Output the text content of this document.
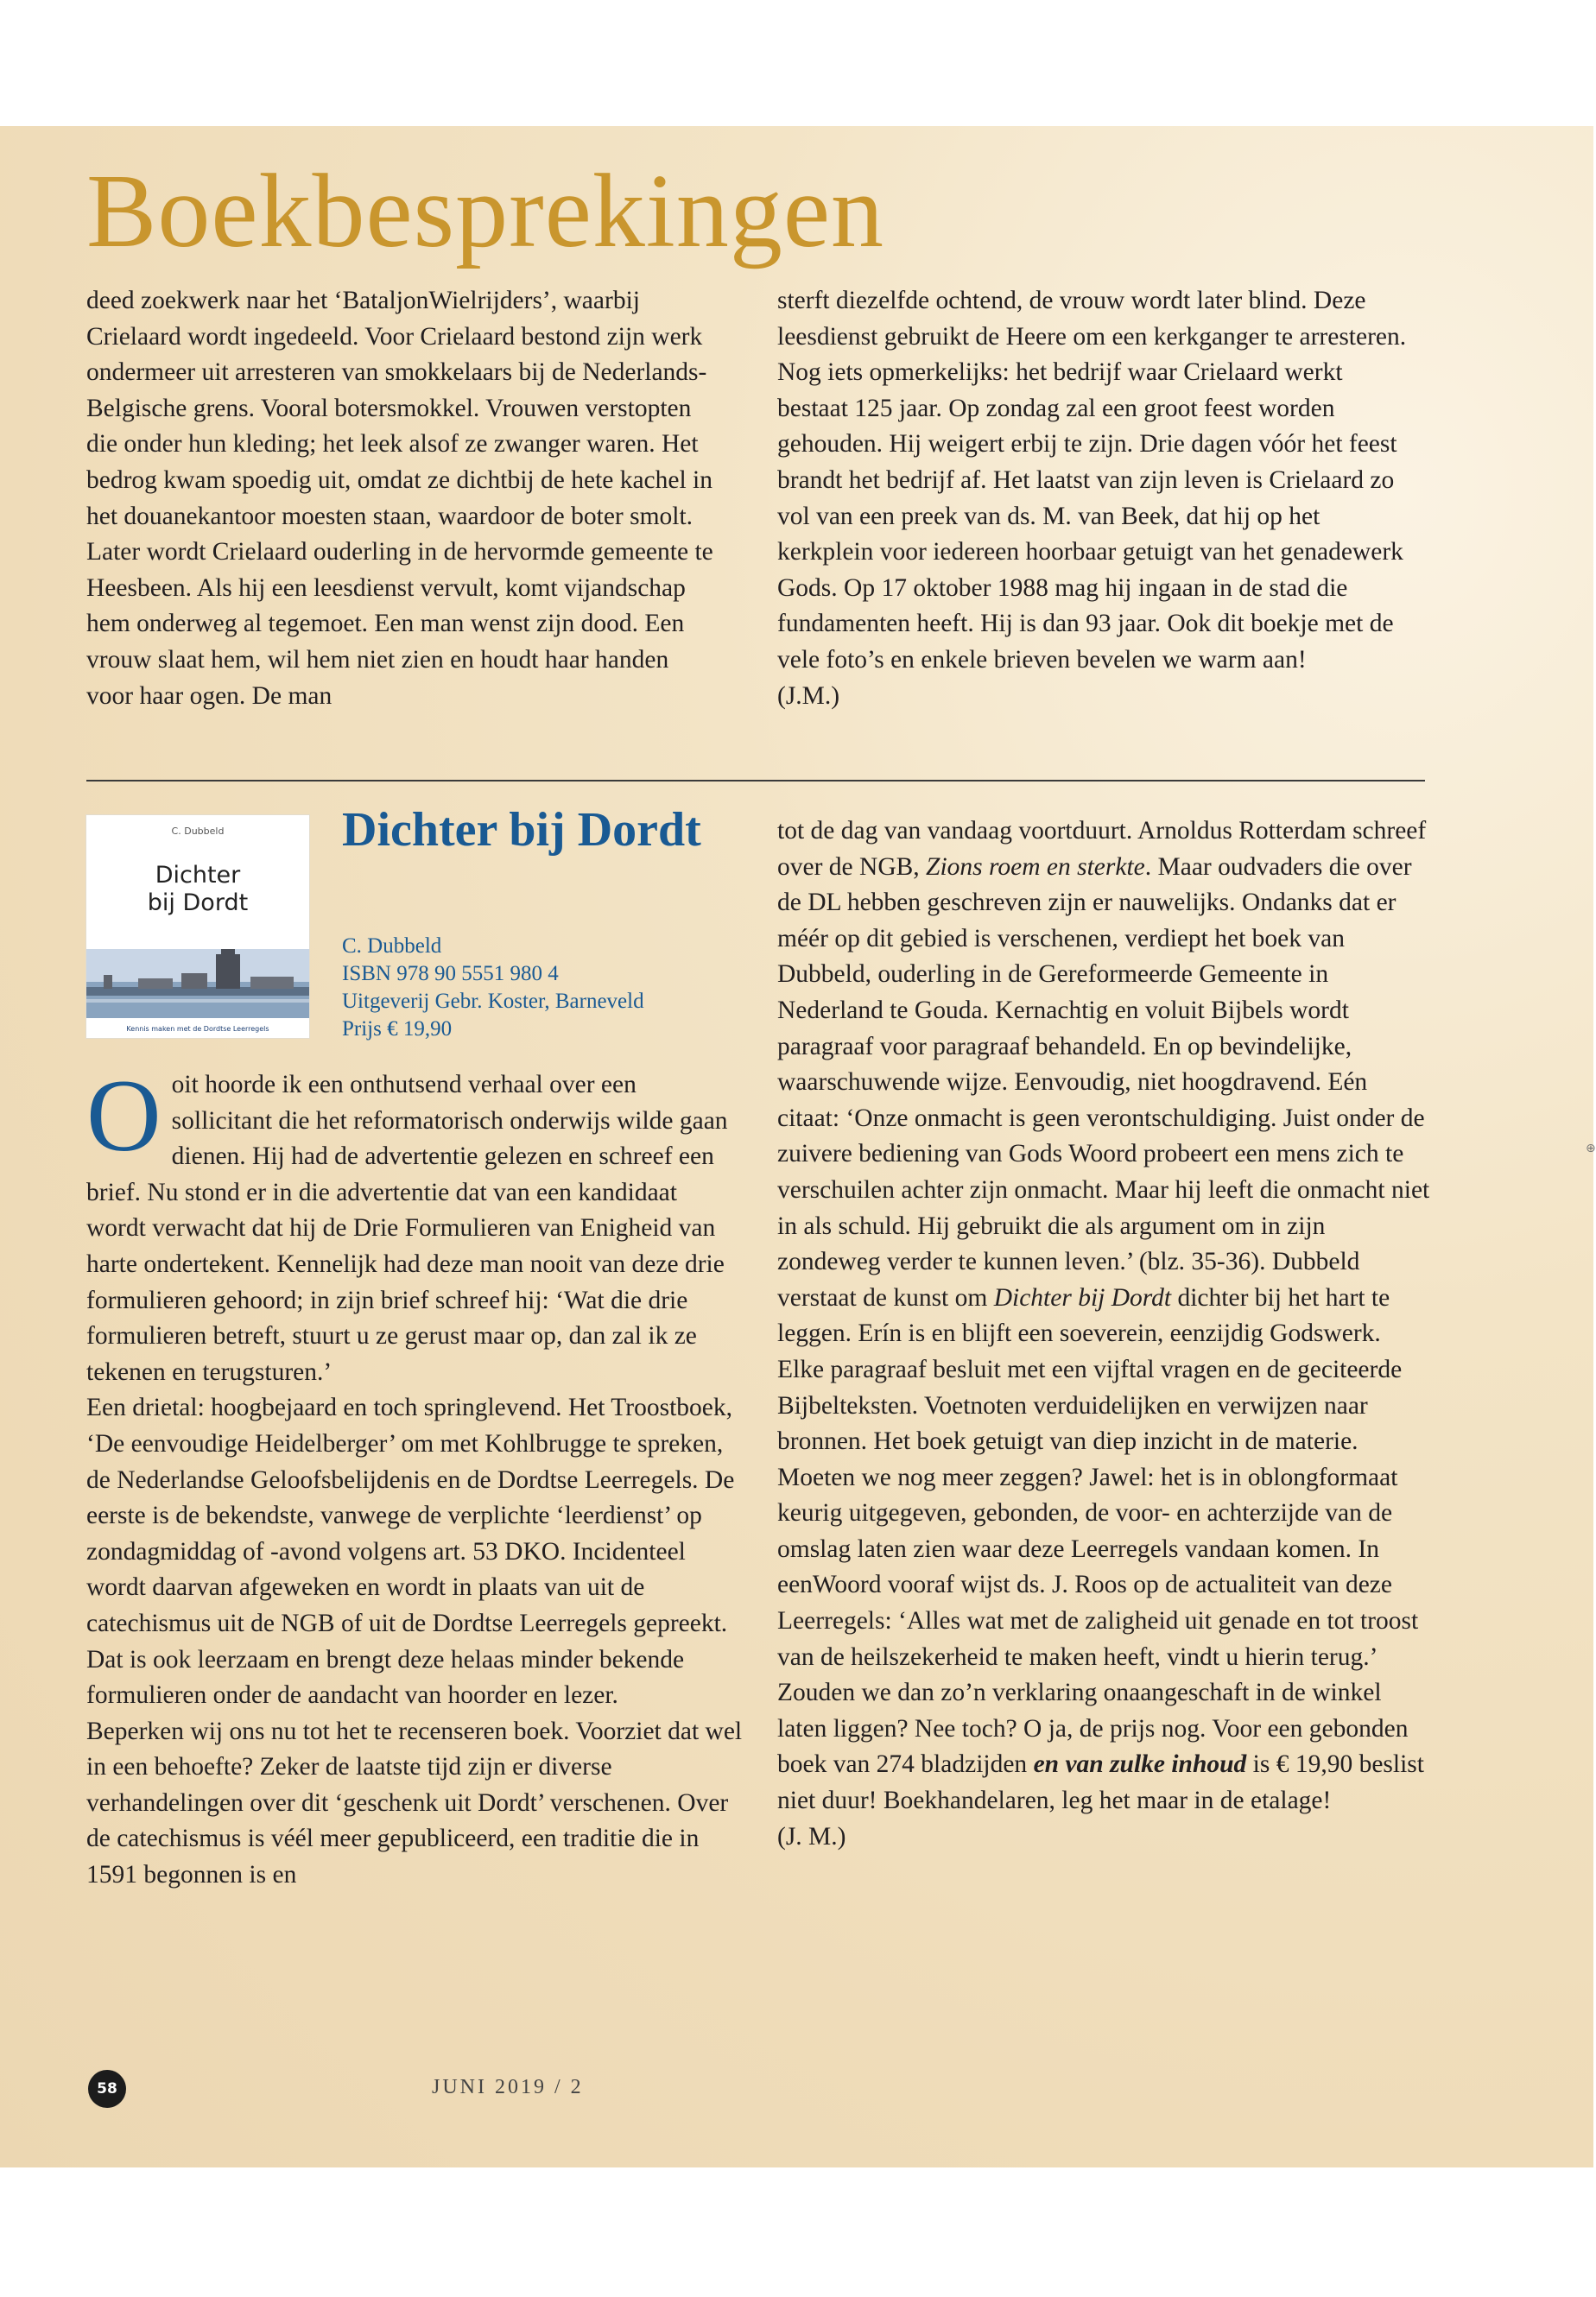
Boekbesprekingen

deed zoekwerk naar het ‘BataljonWielrijders’, waarbij Crielaard wordt ingedeeld. Voor Crielaard bestond zijn werk ondermeer uit arresteren van smokkelaars bij de Nederlands-Belgische grens. Vooral botersmokkel. Vrouwen verstopten die onder hun kleding; het leek alsof ze zwanger waren. Het bedrog kwam spoedig uit, omdat ze dichtbij de hete kachel in het douanekantoor moesten staan, waardoor de boter smolt.

Later wordt Crielaard ouderling in de hervormde gemeente te Heesbeen. Als hij een leesdienst vervult, komt vijandschap hem onderweg al tegemoet. Een man wenst zijn dood. Een vrouw slaat hem, wil hem niet zien en houdt haar handen voor haar ogen. De man

sterft diezelfde ochtend, de vrouw wordt later blind. Deze leesdienst gebruikt de Heere om een kerkganger te arresteren. Nog iets opmerkelijks: het bedrijf waar Crielaard werkt bestaat 125 jaar. Op zondag zal een groot feest worden gehouden. Hij weigert erbij te zijn. Drie dagen vóór het feest brandt het bedrijf af. Het laatst van zijn leven is Crielaard zo vol van een preek van ds. M. van Beek, dat hij op het kerkplein voor iedereen hoorbaar getuigt van het genadewerk Gods. Op 17 oktober 1988 mag hij ingaan in de stad die fundamenten heeft. Hij is dan 93 jaar. Ook dit boekje met de vele foto’s en enkele brieven bevelen we warm aan!

(J.M.)

C. Dubbeld
Dichter
bij Dordt
Kennis maken met de Dordtse Leerregels
Dichter bij Dordt
C. Dubbeld
ISBN 978 90 5551 980 4
Uitgeverij Gebr. Koster, Barneveld
Prijs € 19,90

Ooit hoorde ik een onthutsend verhaal over een sollicitant die het reformatorisch onderwijs wilde gaan dienen. Hij had de advertentie gelezen en schreef een brief. Nu stond er in die advertentie dat van een kandidaat wordt verwacht dat hij de Drie Formulieren van Enigheid van harte ondertekent. Kennelijk had deze man nooit van deze drie formulieren gehoord; in zijn brief schreef hij: ‘Wat die drie formulieren betreft, stuurt u ze gerust maar op, dan zal ik ze tekenen en terugsturen.’

Een drietal: hoogbejaard en toch springlevend. Het Troostboek, ‘De eenvoudige Heidelberger’ om met Kohlbrugge te spreken, de Nederlandse Geloofsbelijdenis en de Dordtse Leerregels. De eerste is de bekendste, vanwege de verplichte ‘leerdienst’ op zondagmiddag of -avond volgens art. 53 DKO. Incidenteel wordt daarvan afgeweken en wordt in plaats van uit de catechismus uit de NGB of uit de Dordtse Leerregels gepreekt. Dat is ook leerzaam en brengt deze helaas minder bekende formulieren onder de aandacht van hoorder en lezer.

Beperken wij ons nu tot het te recenseren boek. Voorziet dat wel in een behoefte? Zeker de laatste tijd zijn er diverse verhandelingen over dit ‘geschenk uit Dordt’ verschenen. Over de catechismus is véél meer gepubliceerd, een traditie die in 1591 begonnen is en

tot de dag van vandaag voortduurt. Arnoldus Rotterdam schreef over de NGB, Zions roem en sterkte. Maar oudvaders die over de DL hebben geschreven zijn er nauwelijks. Ondanks dat er méér op dit gebied is verschenen, verdiept het boek van Dubbeld, ouderling in de Gereformeerde Gemeente in Nederland te Gouda. Kernachtig en voluit Bijbels wordt paragraaf voor paragraaf behandeld. En op bevindelijke, waarschuwende wijze. Eenvoudig, niet hoogdravend. Eén citaat: ‘Onze onmacht is geen verontschuldiging. Juist onder de zuivere bediening van Gods Woord probeert een mens zich te verschuilen achter zijn onmacht. Maar hij leeft die onmacht niet in als schuld. Hij gebruikt die als argument om in zijn zondeweg verder te kunnen leven.’ (blz. 35-36). Dubbeld verstaat de kunst om Dichter bij Dordt dichter bij het hart te leggen. Erín is en blijft een soeverein, eenzijdig Godswerk. Elke paragraaf besluit met een vijftal vragen en de geciteerde Bijbelteksten. Voetnoten verduidelijken en verwijzen naar bronnen. Het boek getuigt van diep inzicht in de materie.

Moeten we nog meer zeggen? Jawel: het is in oblongformaat keurig uitgegeven, gebonden, de voor- en achterzijde van de omslag laten zien waar deze Leerregels vandaan komen. In eenWoord vooraf wijst ds. J. Roos op de actualiteit van deze Leerregels: ‘Alles wat met de zaligheid uit genade en tot troost van de heilszekerheid te maken heeft, vindt u hierin terug.’ Zouden we dan zo’n verklaring onaangeschaft in de winkel laten liggen? Nee toch? O ja, de prijs nog. Voor een gebonden boek van 274 bladzijden en van zulke inhoud is € 19,90 beslist niet duur! Boekhandelaren, leg het maar in de etalage!

(J. M.)

58	JUNI 2019 / 2
⊕
